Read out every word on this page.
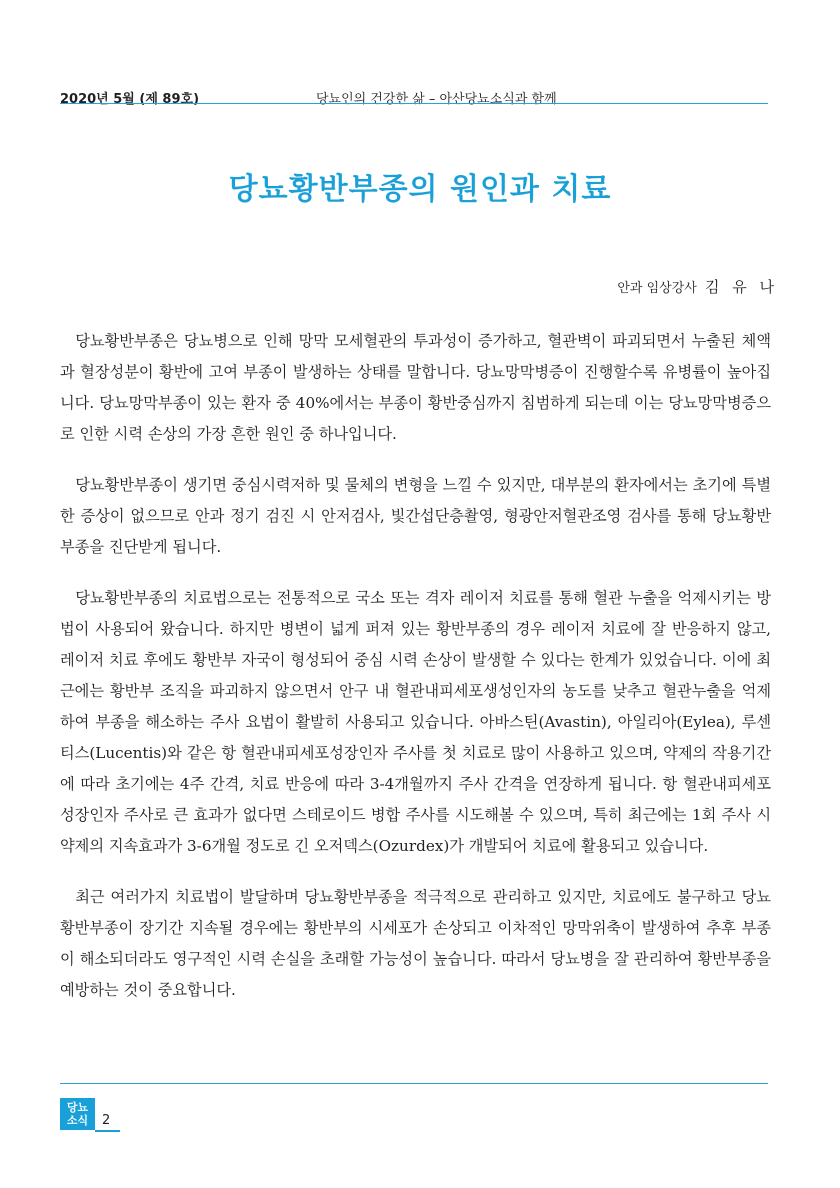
2020년 5월 (제 89호)	당뇨인의 건강한 삶 – 아산당뇨소식과 함께
당뇨황반부종의 원인과 치료
안과 임상강사 김 유 나

당뇨황반부종은 당뇨병으로 인해 망막 모세혈관의 투과성이 증가하고, 혈관벽이 파괴되면서 누출된 체액과 혈장성분이 황반에 고여 부종이 발생하는 상태를 말합니다. 당뇨망막병증이 진행할수록 유병률이 높아집니다. 당뇨망막부종이 있는 환자 중 40%에서는 부종이 황반중심까지 침범하게 되는데 이는 당뇨망막병증으로 인한 시력 손상의 가장 흔한 원인 중 하나입니다.

당뇨황반부종이 생기면 중심시력저하 및 물체의 변형을 느낄 수 있지만, 대부분의 환자에서는 초기에 특별한 증상이 없으므로 안과 정기 검진 시 안저검사, 빛간섭단층촬영, 형광안저혈관조영 검사를 통해 당뇨황반부종을 진단받게 됩니다.

당뇨황반부종의 치료법으로는 전통적으로 국소 또는 격자 레이저 치료를 통해 혈관 누출을 억제시키는 방법이 사용되어 왔습니다. 하지만 병변이 넓게 퍼져 있는 황반부종의 경우 레이저 치료에 잘 반응하지 않고, 레이저 치료 후에도 황반부 자국이 형성되어 중심 시력 손상이 발생할 수 있다는 한계가 있었습니다. 이에 최근에는 황반부 조직을 파괴하지 않으면서 안구 내 혈관내피세포생성인자의 농도를 낮추고 혈관누출을 억제하여 부종을 해소하는 주사 요법이 활발히 사용되고 있습니다. 아바스틴(Avastin), 아일리아(Eylea), 루센티스(Lucentis)와 같은 항 혈관내피세포성장인자 주사를 첫 치료로 많이 사용하고 있으며, 약제의 작용기간에 따라 초기에는 4주 간격, 치료 반응에 따라 3-4개월까지 주사 간격을 연장하게 됩니다. 항 혈관내피세포성장인자 주사로 큰 효과가 없다면 스테로이드 병합 주사를 시도해볼 수 있으며, 특히 최근에는 1회 주사 시 약제의 지속효과가 3-6개월 정도로 긴 오저덱스(Ozurdex)가 개발되어 치료에 활용되고 있습니다.

최근 여러가지 치료법이 발달하며 당뇨황반부종을 적극적으로 관리하고 있지만, 치료에도 불구하고 당뇨황반부종이 장기간 지속될 경우에는 황반부의 시세포가 손상되고 이차적인 망막위축이 발생하여 추후 부종이 해소되더라도 영구적인 시력 손실을 초래할 가능성이 높습니다. 따라서 당뇨병을 잘 관리하여 황반부종을 예방하는 것이 중요합니다.

당뇨
소식	2
